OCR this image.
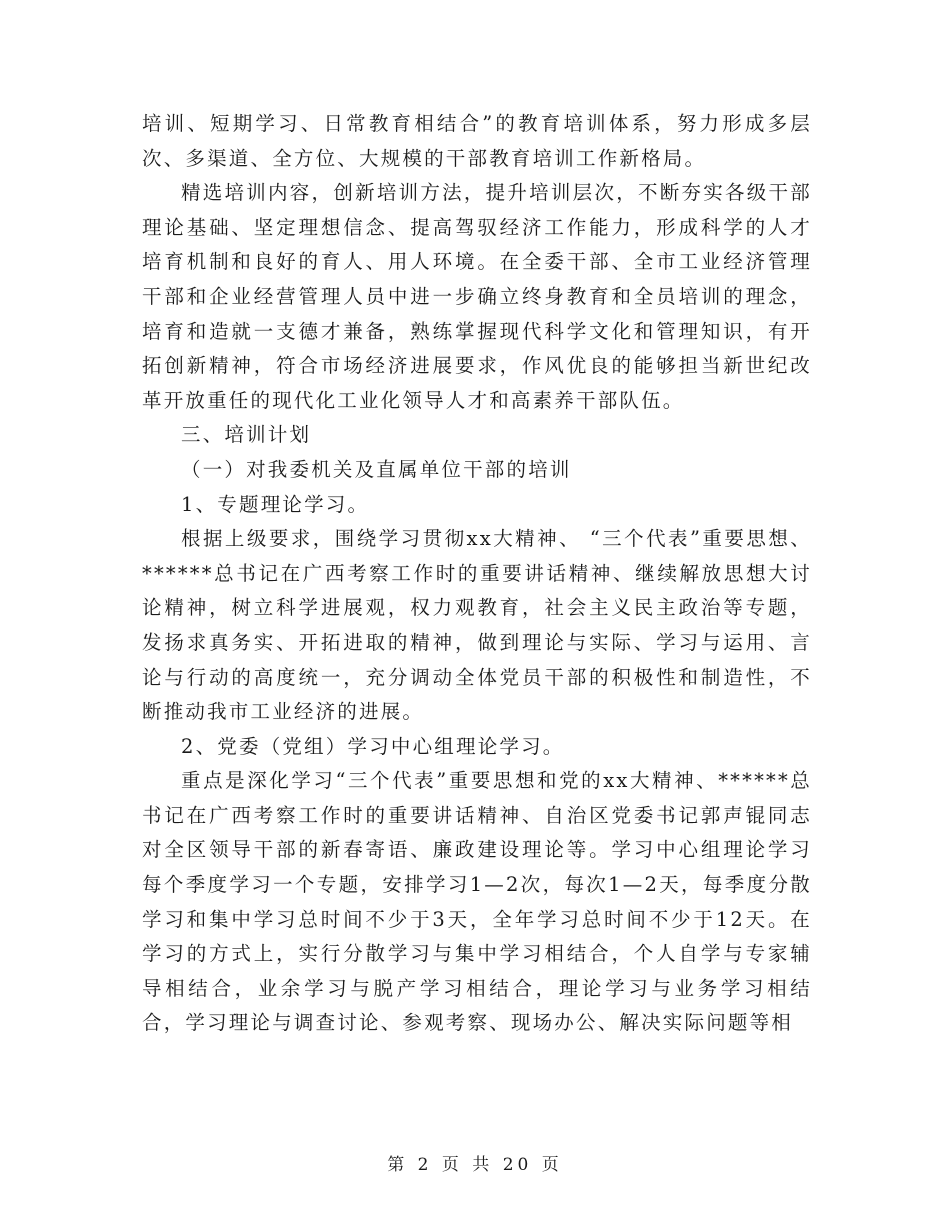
培训、短期学习、日常教育相结合”的教育培训体系，努力形成多层次、多渠道、全方位、大规模的干部教育培训工作新格局。

精选培训内容，创新培训方法，提升培训层次，不断夯实各级干部理论基础、坚定理想信念、提高驾驭经济工作能力，形成科学的人才培育机制和良好的育人、用人环境。在全委干部、全市工业经济管理干部和企业经营管理人员中进一步确立终身教育和全员培训的理念，培育和造就一支德才兼备，熟练掌握现代科学文化和管理知识，有开拓创新精神，符合市场经济进展要求，作风优良的能够担当新世纪改革开放重任的现代化工业化领导人才和高素养干部队伍。

三、培训计划

（一）对我委机关及直属单位干部的培训

1、专题理论学习。

根据上级要求，围绕学习贯彻xx大精神、 “三个代表”重要思想、******总书记在广西考察工作时的重要讲话精神、继续解放思想大讨论精神，树立科学进展观，权力观教育，社会主义民主政治等专题，发扬求真务实、开拓进取的精神，做到理论与实际、学习与运用、言论与行动的高度统一，充分调动全体党员干部的积极性和制造性，不断推动我市工业经济的进展。

2、党委（党组）学习中心组理论学习。

重点是深化学习“三个代表”重要思想和党的xx大精神、******总书记在广西考察工作时的重要讲话精神、自治区党委书记郭声锟同志对全区领导干部的新春寄语、廉政建设理论等。学习中心组理论学习每个季度学习一个专题，安排学习1—2次，每次1—2天，每季度分散学习和集中学习总时间不少于3天，全年学习总时间不少于12天。在学习的方式上，实行分散学习与集中学习相结合，个人自学与专家辅导相结合，业余学习与脱产学习相结合，理论学习与业务学习相结合，学习理论与调查讨论、参观考察、现场办公、解决实际问题等相

第 2 页 共 20 页
